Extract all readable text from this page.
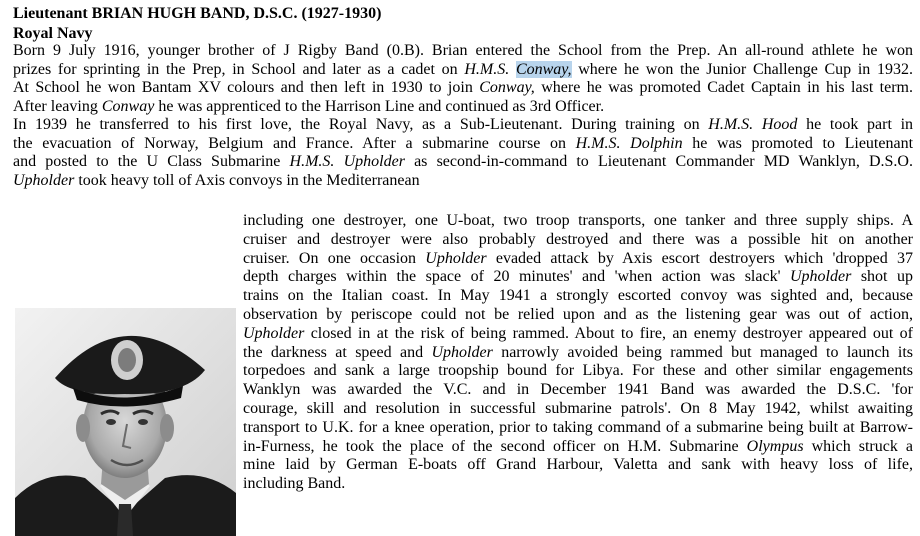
Lieutenant BRIAN HUGH BAND, D.S.C. (1927-1930)
Royal Navy
Born 9 July 1916, younger brother of J Rigby Band (0.B). Brian entered the School from the Prep. An all-round athlete he won
prizes for sprinting in the Prep, in School and later as a cadet on H.M.S. Conway, where he won the Junior Challenge Cup in 1932.
At School he won Bantam XV colours and then left in 1930 to join Conway, where he was promoted Cadet Captain in his last term.
After leaving Conway he was apprenticed to the Harrison Line and continued as 3rd Officer.
In 1939 he transferred to his first love, the Royal Navy, as a Sub-Lieutenant. During training on H.M.S. Hood he took part in
the evacuation of Norway, Belgium and France. After a submarine course on H.M.S. Dolphin he was promoted to Lieutenant
and posted to the U Class Submarine H.M.S. Upholder as second-in-command to Lieutenant Commander MD Wanklyn, D.S.O.
Upholder took heavy toll of Axis convoys in the Mediterranean
including one destroyer, one U-boat, two troop transports, one tanker and three supply ships. A
cruiser and destroyer were also probably destroyed and there was a possible hit on another
cruiser. On one occasion Upholder evaded attack by Axis escort destroyers which 'dropped 37
depth charges within the space of 20 minutes' and 'when action was slack' Upholder shot up
trains on the Italian coast. In May 1941 a strongly escorted convoy was sighted and, because
observation by periscope could not be relied upon and as the listening gear was out of action,
Upholder closed in at the risk of being rammed. About to fire, an enemy destroyer appeared out of
the darkness at speed and Upholder narrowly avoided being rammed but managed to launch its
torpedoes and sank a large troopship bound for Libya. For these and other similar engagements
Wanklyn was awarded the V.C. and in December 1941 Band was awarded the D.S.C. 'for
courage, skill and resolution in successful submarine patrols'. On 8 May 1942, whilst awaiting
transport to U.K. for a knee operation, prior to taking command of a submarine being built at Barrow-
in-Furness, he took the place of the second officer on H.M. Submarine Olympus which struck a
mine laid by German E-boats off Grand Harbour, Valetta and sank with heavy loss of life,
including Band.
